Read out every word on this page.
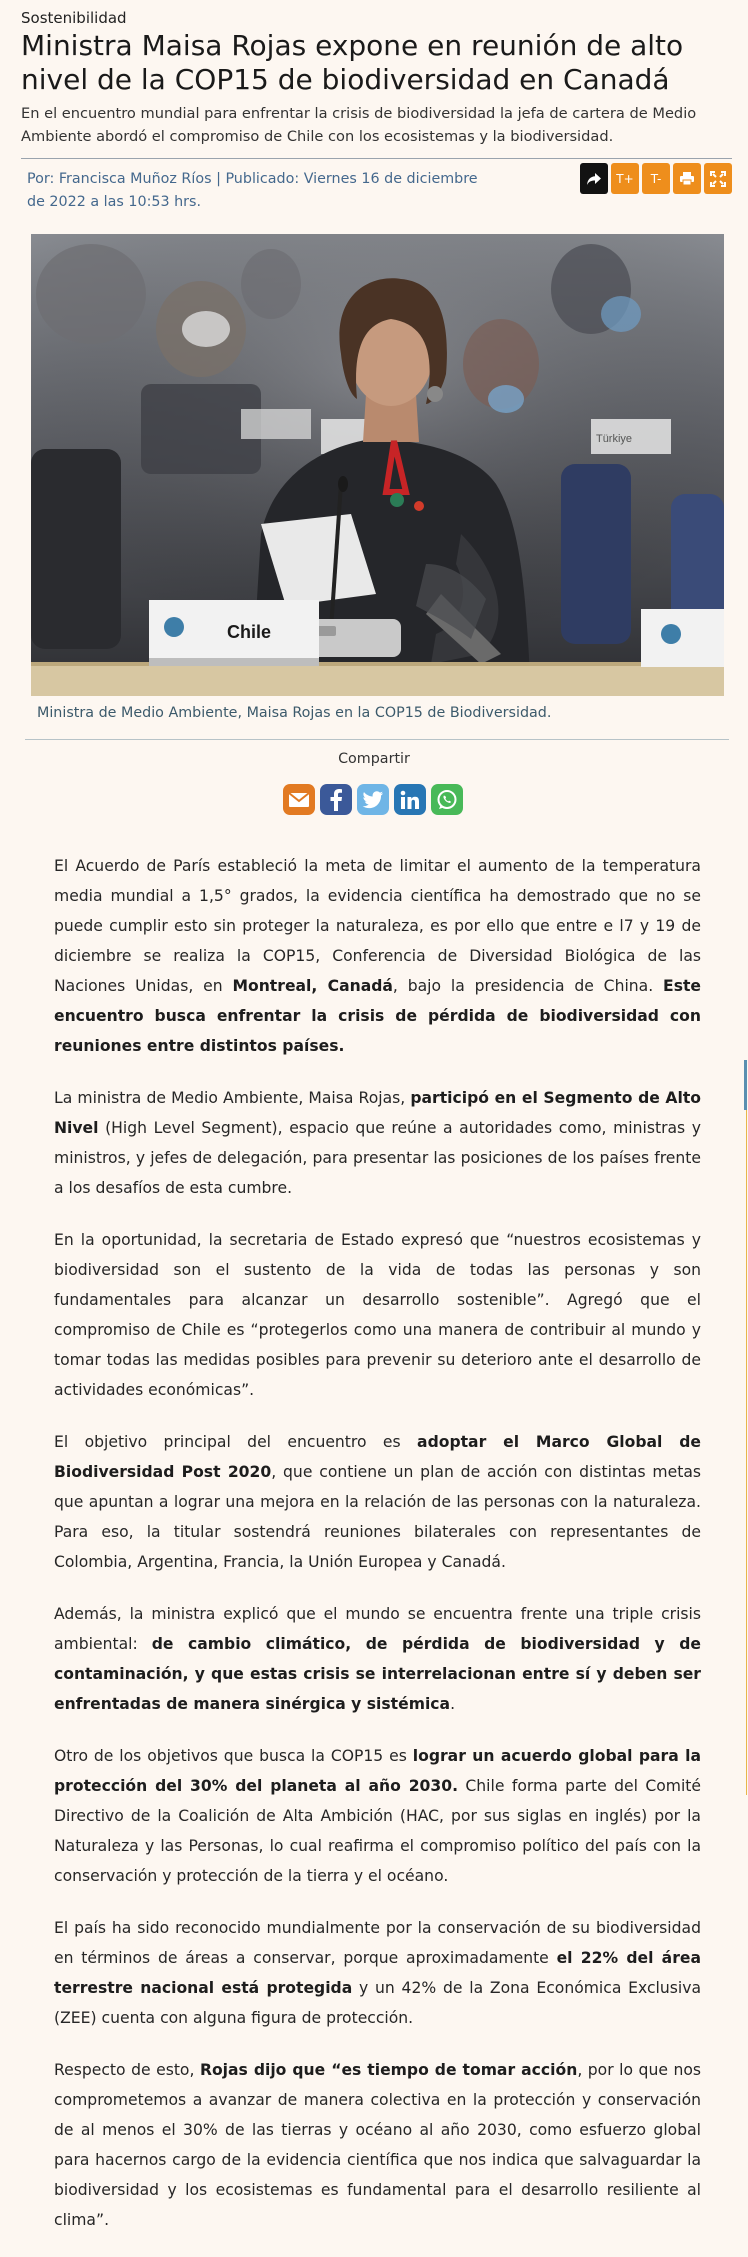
Sostenibilidad
Ministra Maisa Rojas expone en reunión de alto nivel de la COP15 de biodiversidad en Canadá
En el encuentro mundial para enfrentar la crisis de biodiversidad la jefa de cartera de Medio Ambiente abordó el compromiso de Chile con los ecosistemas y la biodiversidad.
Por: Francisca Muñoz Ríos | Publicado: Viernes 16 de diciembre de 2022 a las 10:53 hrs.
T+	T-
Chile
Türkiye
Ministra de Medio Ambiente, Maisa Rojas en la COP15 de Biodiversidad.
Compartir

El Acuerdo de París estableció la meta de limitar el aumento de la temperatura media mundial a 1,5° grados, la evidencia científica ha demostrado que no se puede cumplir esto sin proteger la naturaleza, es por ello que entre e l7 y 19 de diciembre se realiza la COP15, Conferencia de Diversidad Biológica de las Naciones Unidas, en Montreal, Canadá, bajo la presidencia de China. Este encuentro busca enfrentar la crisis de pérdida de biodiversidad con reuniones entre distintos países.

La ministra de Medio Ambiente, Maisa Rojas, participó en el Segmento de Alto Nivel (High Level Segment), espacio que reúne a autoridades como, ministras y ministros, y jefes de delegación, para presentar las posiciones de los países frente a los desafíos de esta cumbre.

En la oportunidad, la secretaria de Estado expresó que “nuestros ecosistemas y biodiversidad son el sustento de la vida de todas las personas y son fundamentales para alcanzar un desarrollo sostenible”. Agregó que el compromiso de Chile es “protegerlos como una manera de contribuir al mundo y tomar todas las medidas posibles para prevenir su deterioro ante el desarrollo de actividades económicas”.

El objetivo principal del encuentro es adoptar el Marco Global de Biodiversidad Post 2020, que contiene un plan de acción con distintas metas que apuntan a lograr una mejora en la relación de las personas con la naturaleza. Para eso, la titular sostendrá reuniones bilaterales con representantes de Colombia, Argentina, Francia, la Unión Europea y Canadá.

Además, la ministra explicó que el mundo se encuentra frente una triple crisis ambiental: de cambio climático, de pérdida de biodiversidad y de contaminación, y que estas crisis se interrelacionan entre sí y deben ser enfrentadas de manera sinérgica y sistémica.

Otro de los objetivos que busca la COP15 es lograr un acuerdo global para la protección del 30% del planeta al año 2030. Chile forma parte del Comité Directivo de la Coalición de Alta Ambición (HAC, por sus siglas en inglés) por la Naturaleza y las Personas, lo cual reafirma el compromiso político del país con la conservación y protección de la tierra y el océano.

El país ha sido reconocido mundialmente por la conservación de su biodiversidad en términos de áreas a conservar, porque aproximadamente el 22% del área terrestre nacional está protegida y un 42% de la Zona Económica Exclusiva (ZEE) cuenta con alguna figura de protección.

Respecto de esto, Rojas dijo que “es tiempo de tomar acción, por lo que nos comprometemos a avanzar de manera colectiva en la protección y conservación de al menos el 30% de las tierras y océano al año 2030, como esfuerzo global para hacernos cargo de la evidencia científica que nos indica que salvaguardar la biodiversidad y los ecosistemas es fundamental para el desarrollo resiliente al clima”.
